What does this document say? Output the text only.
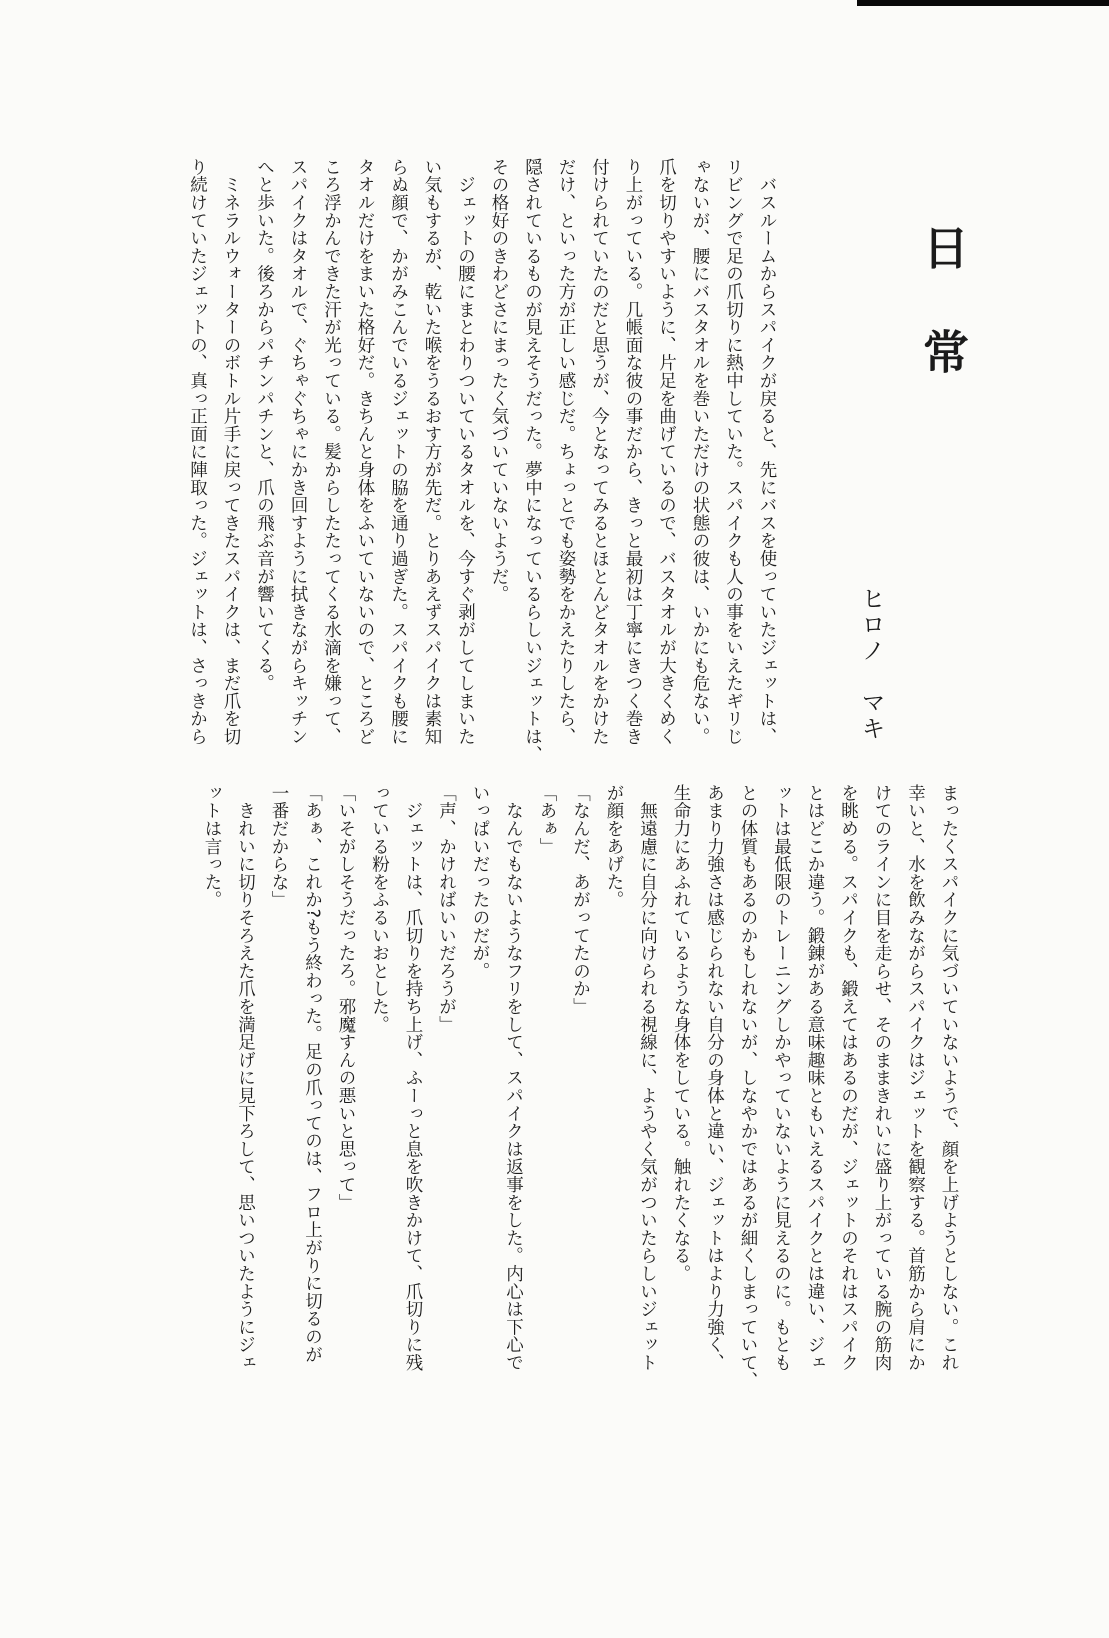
日常
ヒロノ　マキ
　バスルームからスパイクが戻ると、先にバスを使っていたジェットは、
リビングで足の爪切りに熱中していた。スパイクも人の事をいえたギリじ
ゃないが、腰にバスタオルを巻いただけの状態の彼は、いかにも危ない。
爪を切りやすいように、片足を曲げているので、バスタオルが大きくめく
り上がっている。几帳面な彼の事だから、きっと最初は丁寧にきつく巻き
付けられていたのだと思うが、今となってみるとほとんどタオルをかけた
だけ、といった方が正しい感じだ。ちょっとでも姿勢をかえたりしたら、
隠されているものが見えそうだった。夢中になっているらしいジェットは、
その格好のきわどさにまったく気づいていないようだ。
　ジェットの腰にまとわりついているタオルを、今すぐ剥がしてしまいた
い気もするが、乾いた喉をうるおす方が先だ。とりあえずスパイクは素知
らぬ顔で、かがみこんでいるジェットの脇を通り過ぎた。スパイクも腰に
タオルだけをまいた格好だ。きちんと身体をふいていないので、ところど
ころ浮かんできた汗が光っている。髪からしたたってくる水滴を嫌って、
スパイクはタオルで、ぐちゃぐちゃにかき回すように拭きながらキッチン
へと歩いた。後ろからパチンパチンと、爪の飛ぶ音が響いてくる。
　ミネラルウォーターのボトル片手に戻ってきたスパイクは、まだ爪を切
り続けていたジェットの、真っ正面に陣取った。ジェットは、さっきから
まったくスパイクに気づいていないようで、顔を上げようとしない。これ
幸いと、水を飲みながらスパイクはジェットを観察する。首筋から肩にか
けてのラインに目を走らせ、そのままきれいに盛り上がっている腕の筋肉
を眺める。スパイクも、鍛えてはあるのだが、ジェットのそれはスパイク
とはどこか違う。鍛錬がある意味趣味ともいえるスパイクとは違い、ジェ
ットは最低限のトレーニングしかやっていないように見えるのに。もとも
との体質もあるのかもしれないが、しなやかではあるが細くしまっていて、
あまり力強さは感じられない自分の身体と違い、ジェットはより力強く、
生命力にあふれているような身体をしている。触れたくなる。
　無遠慮に自分に向けられる視線に、ようやく気がついたらしいジェット
が顔をあげた。
「なんだ、あがってたのか」
「あぁ」
　なんでもないようなフリをして、スパイクは返事をした。内心は下心で
いっぱいだったのだが。
「声、かければいいだろうが」
　ジェットは、爪切りを持ち上げ、ふーっと息を吹きかけて、爪切りに残
っている粉をふるいおとした。
「いそがしそうだったろ。邪魔すんの悪いと思って」
「あぁ、これか?もう終わった。足の爪ってのは、フロ上がりに切るのが
一番だからな」
　きれいに切りそろえた爪を満足げに見下ろして、思いついたようにジェ
ットは言った。
